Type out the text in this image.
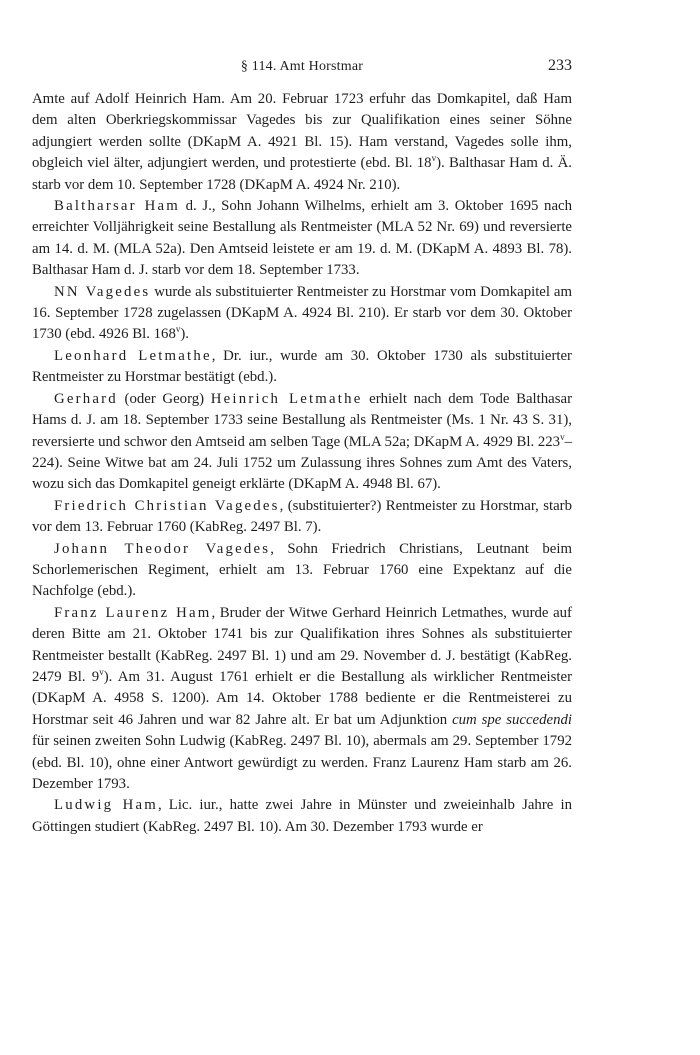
§ 114. Amt Horstmar	233

Amte auf Adolf Heinrich Ham. Am 20. Februar 1723 erfuhr das Domkapitel, daß Ham dem alten Oberkriegskommissar Vagedes bis zur Qualifikation eines seiner Söhne adjungiert werden sollte (DKapM A. 4921 Bl. 15). Ham verstand, Vagedes solle ihm, obgleich viel älter, adjungiert werden, und protestierte (ebd. Bl. 18$^v$). Balthasar Ham d. Ä. starb vor dem 10. September 1728 (DKapM A. 4924 Nr. 210).

Baltharsar Ham d. J., Sohn Johann Wilhelms, erhielt am 3. Oktober 1695 nach erreichter Volljährigkeit seine Bestallung als Rentmeister (MLA 52 Nr. 69) und reversierte am 14. d. M. (MLA 52a). Den Amtseid leistete er am 19. d. M. (DKapM A. 4893 Bl. 78). Balthasar Ham d. J. starb vor dem 18. September 1733.

NN Vagedes wurde als substituierter Rentmeister zu Horstmar vom Domkapitel am 16. September 1728 zugelassen (DKapM A. 4924 Bl. 210). Er starb vor dem 30. Oktober 1730 (ebd. 4926 Bl. 168$^v$).

Leonhard Letmathe, Dr. iur., wurde am 30. Oktober 1730 als substituierter Rentmeister zu Horstmar bestätigt (ebd.).

Gerhard (oder Georg) Heinrich Letmathe erhielt nach dem Tode Balthasar Hams d. J. am 18. September 1733 seine Bestallung als Rentmeister (Ms. 1 Nr. 43 S. 31), reversierte und schwor den Amtseid am selben Tage (MLA 52a; DKapM A. 4929 Bl. 223$^v$–224). Seine Witwe bat am 24. Juli 1752 um Zulassung ihres Sohnes zum Amt des Vaters, wozu sich das Domkapitel geneigt erklärte (DKapM A. 4948 Bl. 67).

Friedrich Christian Vagedes, (substituierter?) Rentmeister zu Horstmar, starb vor dem 13. Februar 1760 (KabReg. 2497 Bl. 7).

Johann Theodor Vagedes, Sohn Friedrich Christians, Leutnant beim Schorlemerischen Regiment, erhielt am 13. Februar 1760 eine Expektanz auf die Nachfolge (ebd.).

Franz Laurenz Ham, Bruder der Witwe Gerhard Heinrich Letmathes, wurde auf deren Bitte am 21. Oktober 1741 bis zur Qualifikation ihres Sohnes als substituierter Rentmeister bestallt (KabReg. 2497 Bl. 1) und am 29. November d. J. bestätigt (KabReg. 2479 Bl. 9$^v$). Am 31. August 1761 erhielt er die Bestallung als wirklicher Rentmeister (DKapM A. 4958 S. 1200). Am 14. Oktober 1788 bediente er die Rentmeisterei zu Horstmar seit 46 Jahren und war 82 Jahre alt. Er bat um Adjunktion cum spe succedendi für seinen zweiten Sohn Ludwig (KabReg. 2497 Bl. 10), abermals am 29. September 1792 (ebd. Bl. 10), ohne einer Antwort gewürdigt zu werden. Franz Laurenz Ham starb am 26. Dezember 1793.

Ludwig Ham, Lic. iur., hatte zwei Jahre in Münster und zweieinhalb Jahre in Göttingen studiert (KabReg. 2497 Bl. 10). Am 30. Dezember 1793 wurde er
